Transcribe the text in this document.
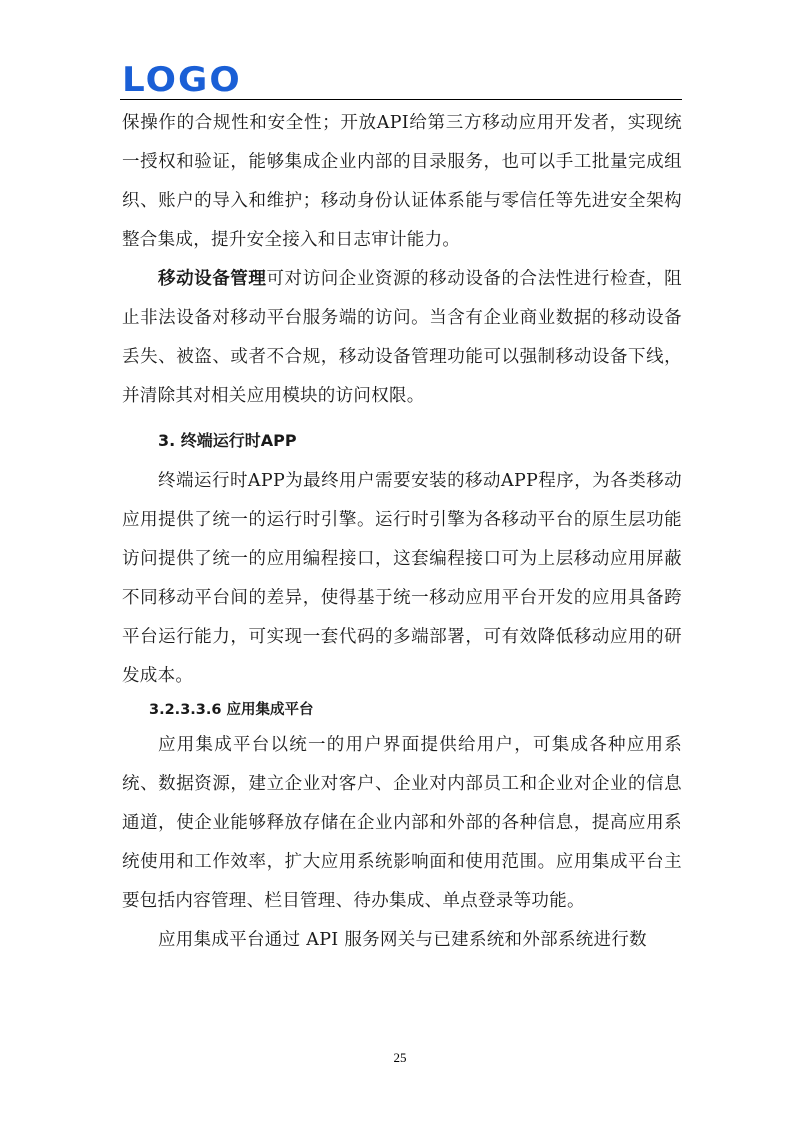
LOGO

保操作的合规性和安全性；开放API给第三方移动应用开发者，实现统一授权和验证，能够集成企业内部的目录服务，也可以手工批量完成组织、账户的导入和维护；移动身份认证体系能与零信任等先进安全架构整合集成，提升安全接入和日志审计能力。

移动设备管理可对访问企业资源的移动设备的合法性进行检查，阻止非法设备对移动平台服务端的访问。当含有企业商业数据的移动设备丢失、被盗、或者不合规，移动设备管理功能可以强制移动设备下线，并清除其对相关应用模块的访问权限。

3. 终端运行时APP

终端运行时APP为最终用户需要安装的移动APP程序，为各类移动应用提供了统一的运行时引擎。运行时引擎为各移动平台的原生层功能访问提供了统一的应用编程接口，这套编程接口可为上层移动应用屏蔽不同移动平台间的差异，使得基于统一移动应用平台开发的应用具备跨平台运行能力，可实现一套代码的多端部署，可有效降低移动应用的研发成本。

3.2.3.3.6 应用集成平台

应用集成平台以统一的用户界面提供给用户，可集成各种应用系统、数据资源，建立企业对客户、企业对内部员工和企业对企业的信息通道，使企业能够释放存储在企业内部和外部的各种信息，提高应用系统使用和工作效率，扩大应用系统影响面和使用范围。应用集成平台主要包括内容管理、栏目管理、待办集成、单点登录等功能。

应用集成平台通过 API 服务网关与已建系统和外部系统进行数

25
